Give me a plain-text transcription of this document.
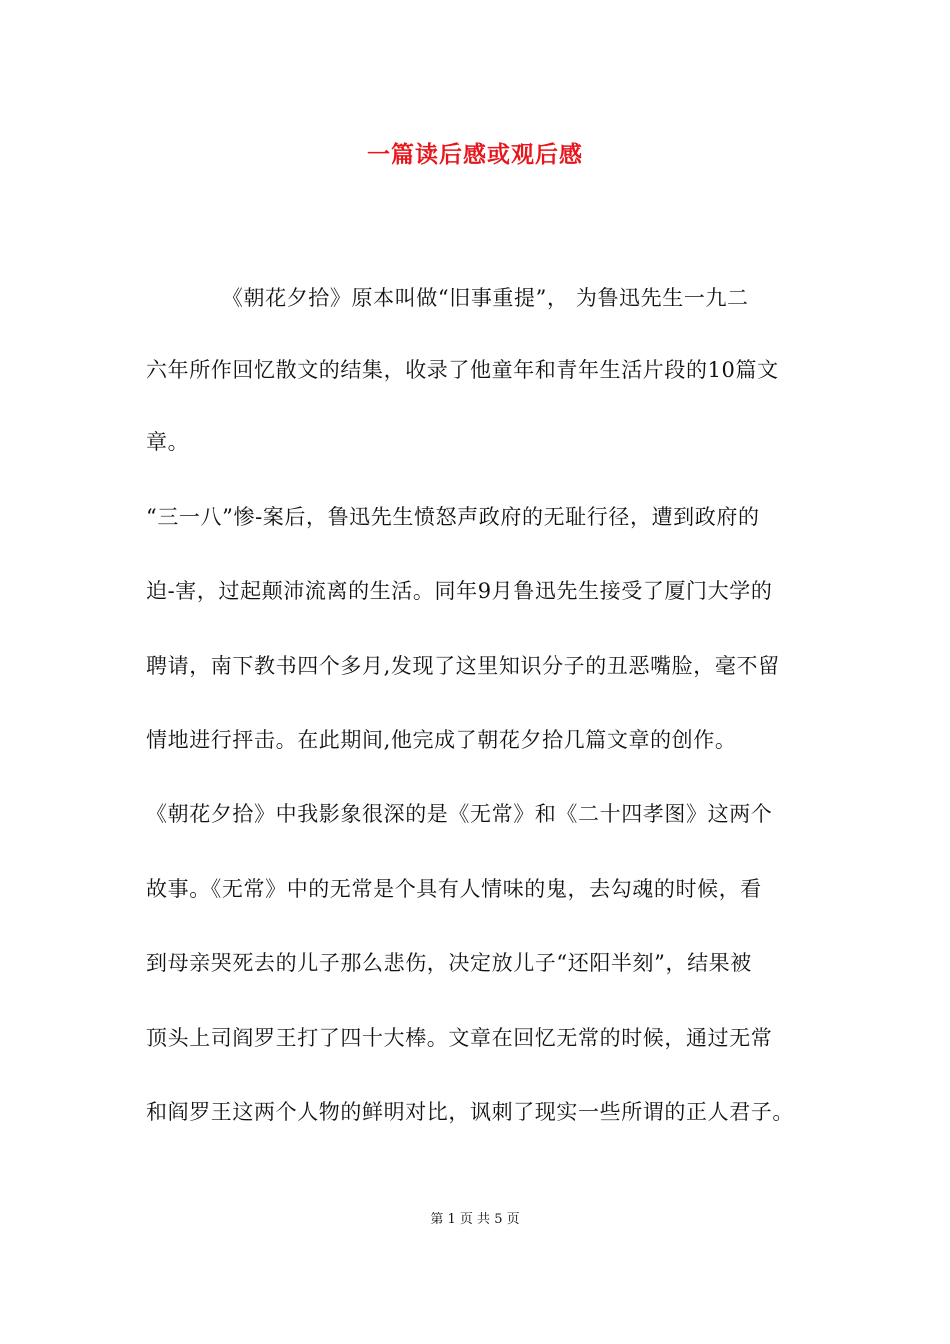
一篇读后感或观后感
　　　　《朝花夕拾》原本叫做“旧事重提”， 为鲁迅先生一九二
六年所作回忆散文的结集，收录了他童年和青年生活片段的10篇文
章。
“三一八”惨-案后，鲁迅先生愤怒声政府的无耻行径，遭到政府的
迫-害，过起颠沛流离的生活。同年9月鲁迅先生接受了厦门大学的
聘请，南下教书四个多月,发现了这里知识分子的丑恶嘴脸，毫不留
情地进行抨击。在此期间,他完成了朝花夕拾几篇文章的创作。
《朝花夕拾》中我影象很深的是《无常》和《二十四孝图》这两个
故事。《无常》中的无常是个具有人情味的鬼，去勾魂的时候，看
到母亲哭死去的儿子那么悲伤，决定放儿子“还阳半刻”，结果被
顶头上司阎罗王打了四十大棒。文章在回忆无常的时候，通过无常
和阎罗王这两个人物的鲜明对比，讽刺了现实一些所谓的正人君子。
第 1 页 共 5 页
